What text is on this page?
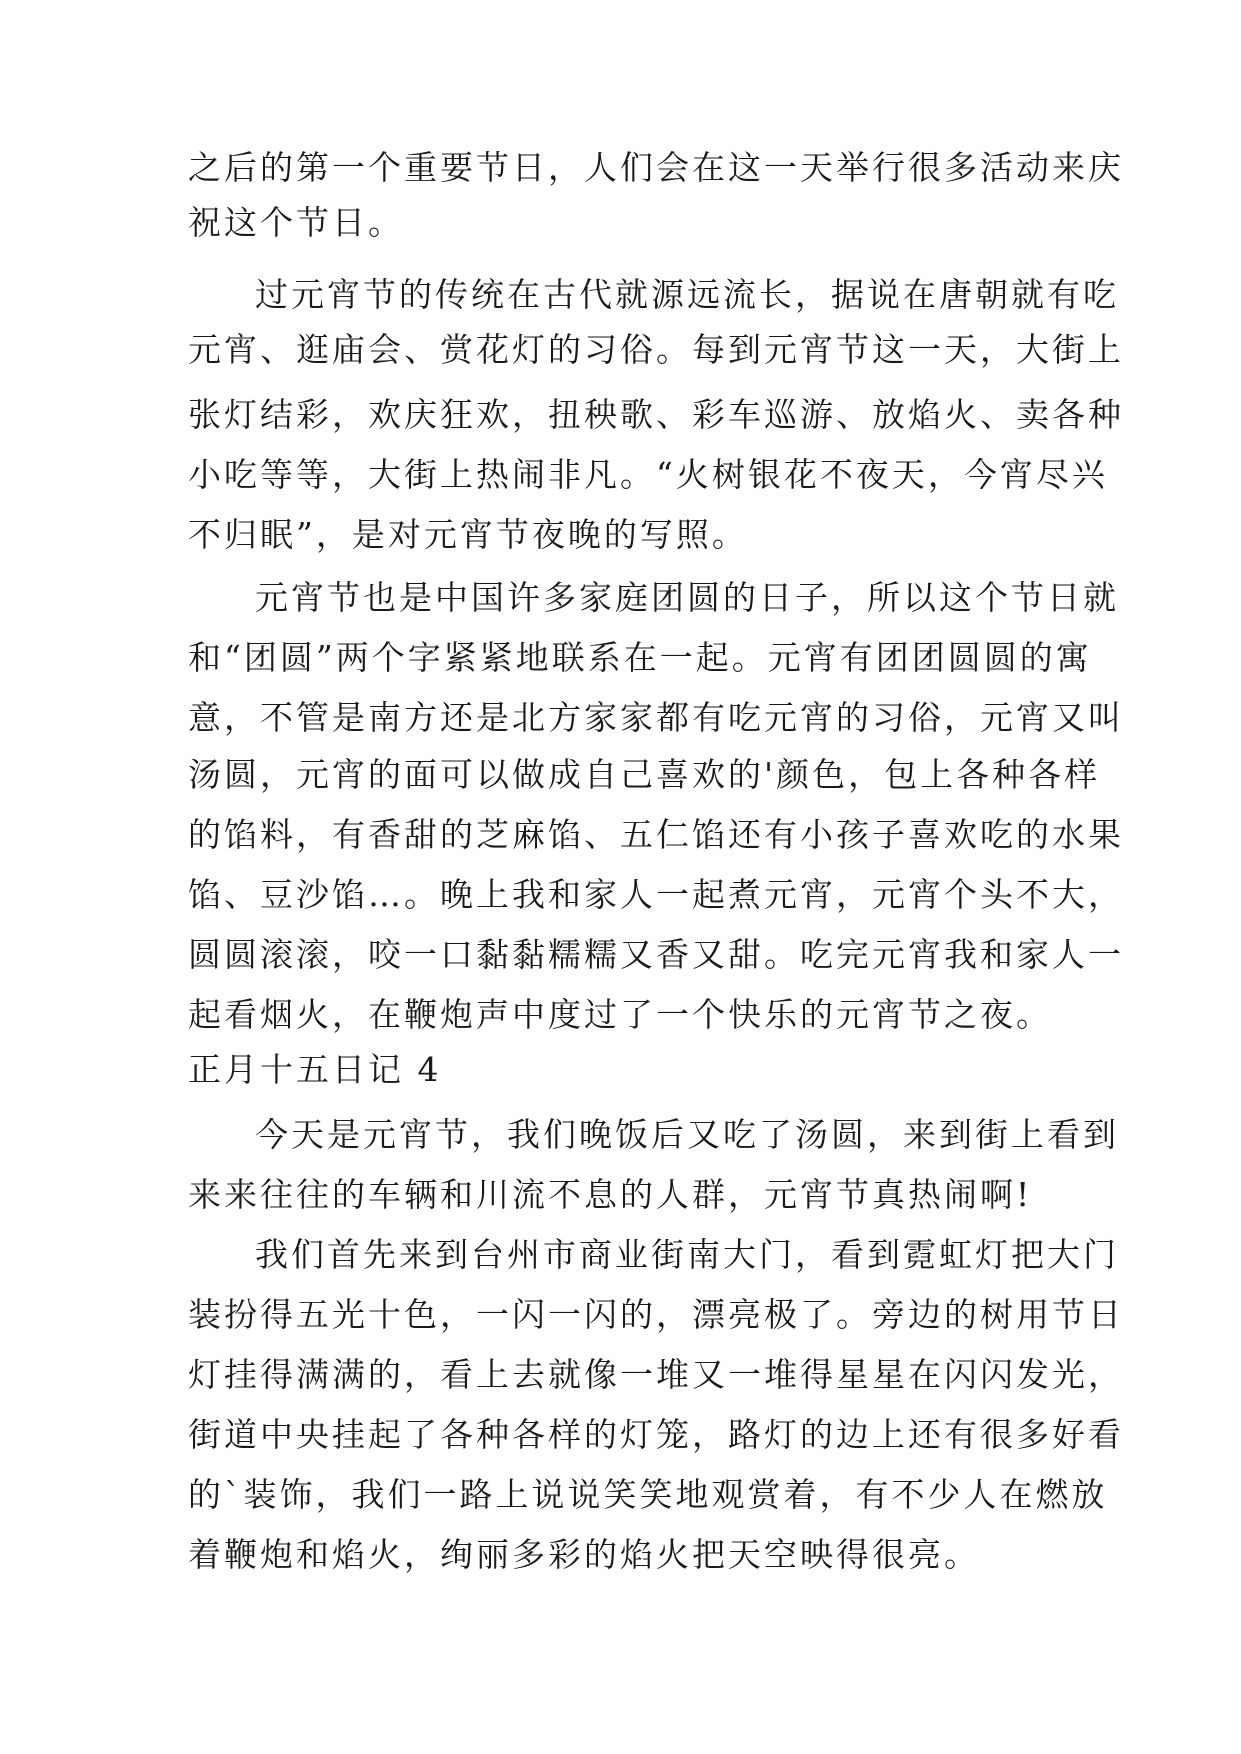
之后的第一个重要节日，人们会在这一天举行很多活动来庆
祝这个节日。
过元宵节的传统在古代就源远流长，据说在唐朝就有吃
元宵、逛庙会、赏花灯的习俗。每到元宵节这一天，大街上
张灯结彩，欢庆狂欢，扭秧歌、彩车巡游、放焰火、卖各种
小吃等等，大街上热闹非凡。“火树银花不夜天，今宵尽兴
不归眠”，是对元宵节夜晚的写照。
元宵节也是中国许多家庭团圆的日子，所以这个节日就
和“团圆”两个字紧紧地联系在一起。元宵有团团圆圆的寓
意，不管是南方还是北方家家都有吃元宵的习俗，元宵又叫
汤圆，元宵的面可以做成自己喜欢的'颜色，包上各种各样
的馅料，有香甜的芝麻馅、五仁馅还有小孩子喜欢吃的水果
馅、豆沙馅…。晚上我和家人一起煮元宵，元宵个头不大，
圆圆滚滚，咬一口黏黏糯糯又香又甜。吃完元宵我和家人一
起看烟火，在鞭炮声中度过了一个快乐的元宵节之夜。
正月十五日记 4
今天是元宵节，我们晚饭后又吃了汤圆，来到街上看到
来来往往的车辆和川流不息的人群，元宵节真热闹啊!
我们首先来到台州市商业街南大门，看到霓虹灯把大门
装扮得五光十色，一闪一闪的，漂亮极了。旁边的树用节日
灯挂得满满的，看上去就像一堆又一堆得星星在闪闪发光，
街道中央挂起了各种各样的灯笼，路灯的边上还有很多好看
的`装饰，我们一路上说说笑笑地观赏着，有不少人在燃放
着鞭炮和焰火，绚丽多彩的焰火把天空映得很亮。
